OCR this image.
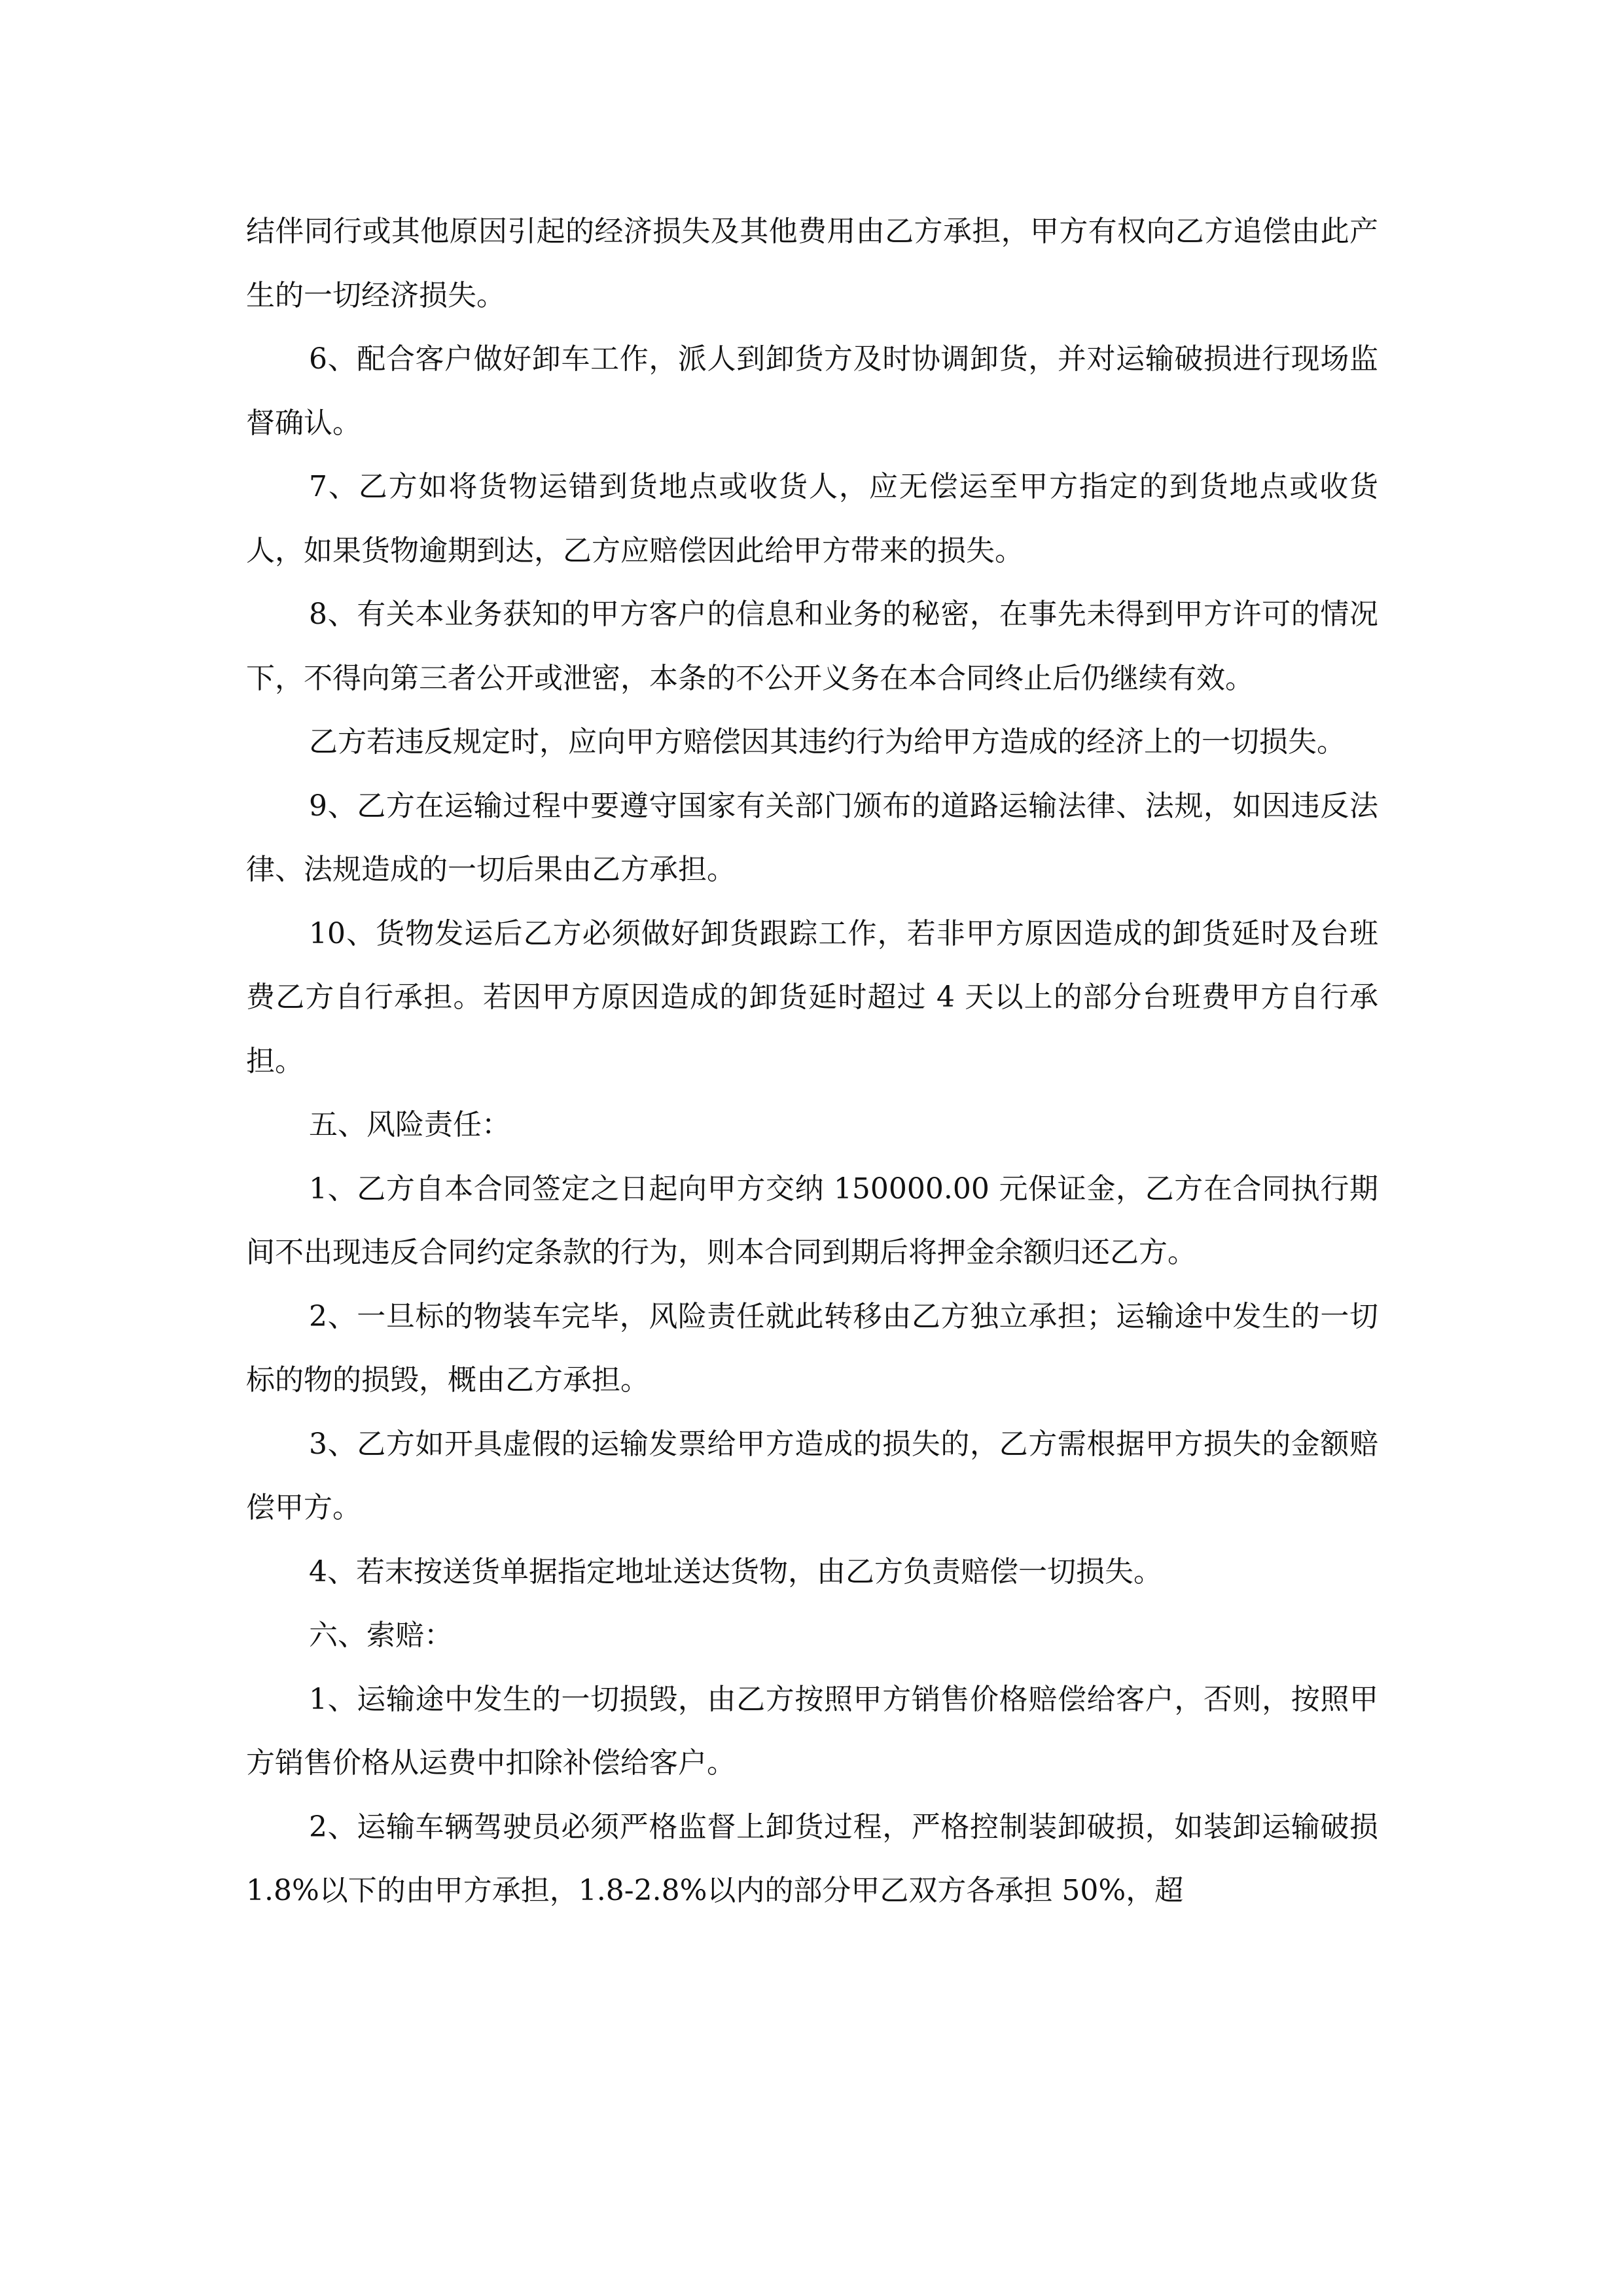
结伴同行或其他原因引起的经济损失及其他费用由乙方承担，甲方有权向乙方追偿由此产生的一切经济损失。

6、配合客户做好卸车工作，派人到卸货方及时协调卸货，并对运输破损进行现场监督确认。

7、乙方如将货物运错到货地点或收货人，应无偿运至甲方指定的到货地点或收货人，如果货物逾期到达，乙方应赔偿因此给甲方带来的损失。

8、有关本业务获知的甲方客户的信息和业务的秘密，在事先未得到甲方许可的情况下，不得向第三者公开或泄密，本条的不公开义务在本合同终止后仍继续有效。

乙方若违反规定时，应向甲方赔偿因其违约行为给甲方造成的经济上的一切损失。

9、乙方在运输过程中要遵守国家有关部门颁布的道路运输法律、法规，如因违反法律、法规造成的一切后果由乙方承担。

10、货物发运后乙方必须做好卸货跟踪工作，若非甲方原因造成的卸货延时及台班费乙方自行承担。若因甲方原因造成的卸货延时超过 4 天以上的部分台班费甲方自行承担。

五、风险责任：

1、乙方自本合同签定之日起向甲方交纳 150000.00 元保证金，乙方在合同执行期间不出现违反合同约定条款的行为，则本合同到期后将押金余额归还乙方。

2、一旦标的物装车完毕，风险责任就此转移由乙方独立承担；运输途中发生的一切标的物的损毁，概由乙方承担。

3、乙方如开具虚假的运输发票给甲方造成的损失的，乙方需根据甲方损失的金额赔偿甲方。

4、若末按送货单据指定地址送达货物，由乙方负责赔偿一切损失。

六、索赔：

1、运输途中发生的一切损毁，由乙方按照甲方销售价格赔偿给客户，否则，按照甲方销售价格从运费中扣除补偿给客户。

2、运输车辆驾驶员必须严格监督上卸货过程，严格控制装卸破损，如装卸运输破损 1.8%以下的由甲方承担，1.8-2.8%以内的部分甲乙双方各承担 50%，超
